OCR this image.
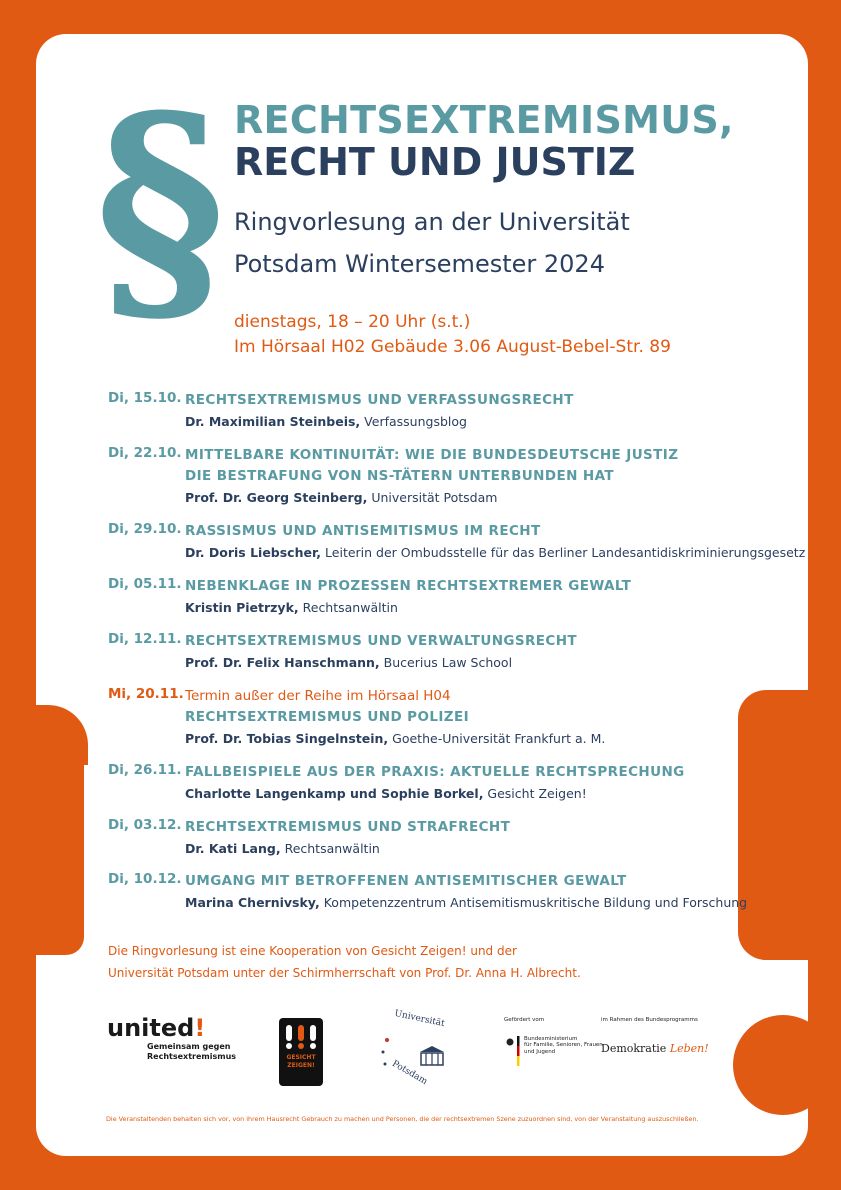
§ RECHTSEXTREMISMUS,
RECHT UND JUSTIZ
Ringvorlesung an der Universität
Potsdam Wintersemester 2024
dienstags, 18 – 20 Uhr (s.t.)
Im Hörsaal H02 Gebäude 3.06 August-Bebel-Str. 89
Di, 15.10. RECHTSEXTREMISMUS UND VERFASSUNGSRECHT
Dr. Maximilian Steinbeis, Verfassungsblog
Di, 22.10. MITTELBARE KONTINUITÄT: WIE DIE BUNDESDEUTSCHE JUSTIZ
DIE BESTRAFUNG VON NS-TÄTERN UNTERBUNDEN HAT
Prof. Dr. Georg Steinberg, Universität Potsdam
Di, 29.10. RASSISMUS UND ANTISEMITISMUS IM RECHT
Dr. Doris Liebscher, Leiterin der Ombudsstelle für das Berliner Landesantidiskriminierungsgesetz
Di, 05.11. NEBENKLAGE IN PROZESSEN RECHTSEXTREMER GEWALT
Kristin Pietrzyk, Rechtsanwältin
Di, 12.11. RECHTSEXTREMISMUS UND VERWALTUNGSRECHT
Prof. Dr. Felix Hanschmann, Bucerius Law School
Mi, 20.11. Termin außer der Reihe im Hörsaal H04
RECHTSEXTREMISMUS UND POLIZEI
Prof. Dr. Tobias Singelnstein, Goethe-Universität Frankfurt a. M.
Di, 26.11. FALLBEISPIELE AUS DER PRAXIS: AKTUELLE RECHTSPRECHUNG
Charlotte Langenkamp und Sophie Borkel, Gesicht Zeigen!
Di, 03.12. RECHTSEXTREMISMUS UND STRAFRECHT
Dr. Kati Lang, Rechtsanwältin
Di, 10.12. UMGANG MIT BETROFFENEN ANTISEMITISCHER GEWALT
Marina Chernivsky, Kompetenzzentrum Antisemitismuskritische Bildung und Forschung
Die Ringvorlesung ist eine Kooperation von Gesicht Zeigen! und der
Universität Potsdam unter der Schirmherrschaft von Prof. Dr. Anna H. Albrecht.
united!
Gemeinsam gegen
Rechtsextremismus	GESICHT
ZEIGEN!
Universität
Potsdam
Gefördert vom
Bundesministerium
für Familie, Senioren, Frauen
und Jugend
im Rahmen des Bundesprogramms
Demokratie Leben!
Die Veranstaltenden behalten sich vor, von ihrem Hausrecht Gebrauch zu machen und Personen, die der rechtsextremen Szene zuzuordnen sind, von der Veranstaltung auszuschließen.
